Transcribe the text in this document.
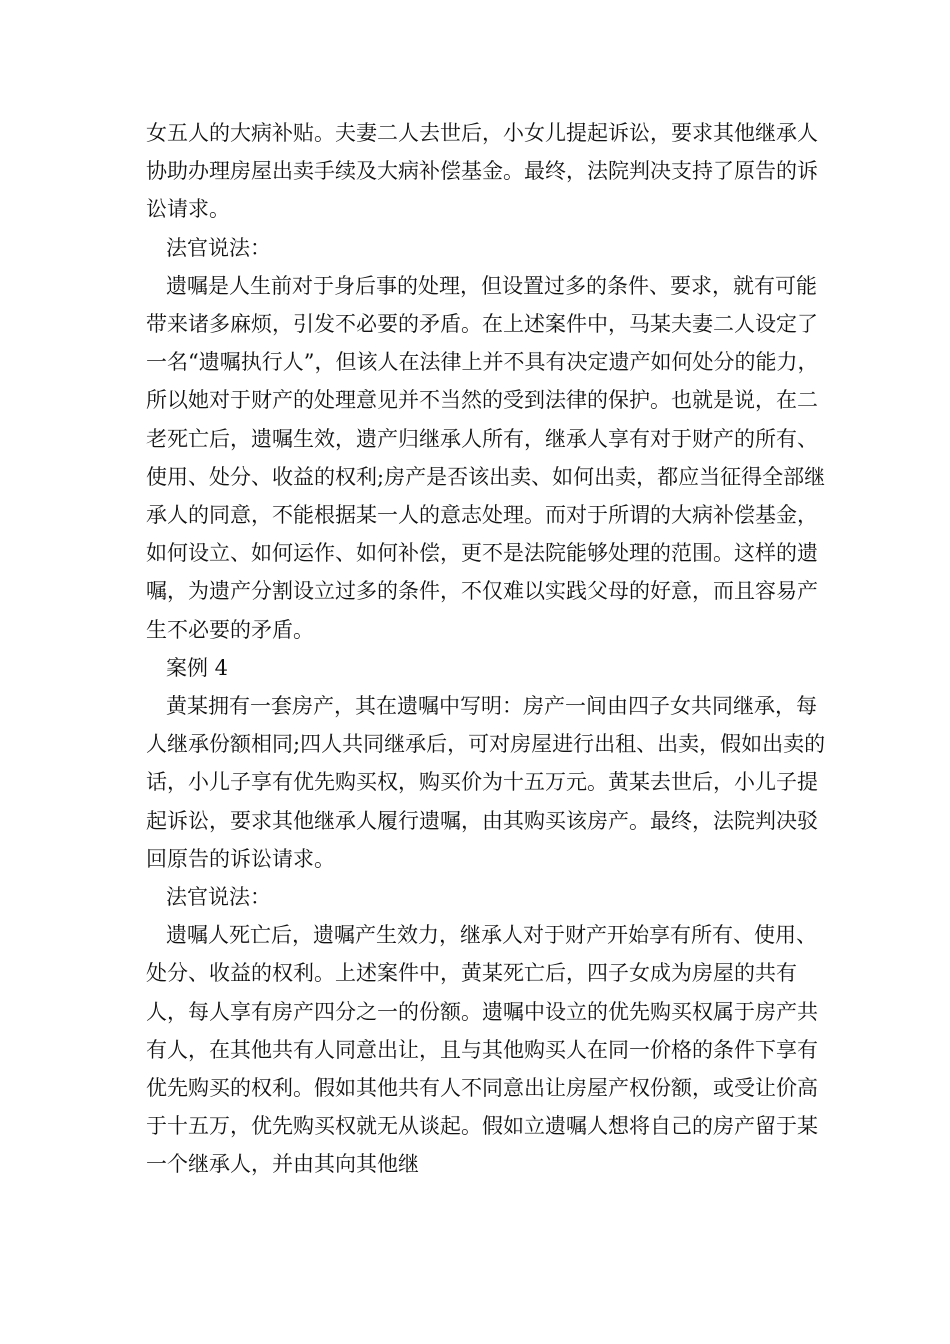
女五人的大病补贴。夫妻二人去世后，小女儿提起诉讼，要求其他继承人协助办理房屋出卖手续及大病补偿基金。最终，法院判决支持了原告的诉讼请求。

法官说法：

遗嘱是人生前对于身后事的处理，但设置过多的条件、要求，就有可能带来诸多麻烦，引发不必要的矛盾。在上述案件中，马某夫妻二人设定了一名“遗嘱执行人”，但该人在法律上并不具有决定遗产如何处分的能力，所以她对于财产的处理意见并不当然的受到法律的保护。也就是说，在二老死亡后，遗嘱生效，遗产归继承人所有，继承人享有对于财产的所有、使用、处分、收益的权利;房产是否该出卖、如何出卖，都应当征得全部继承人的同意，不能根据某一人的意志处理。而对于所谓的大病补偿基金，如何设立、如何运作、如何补偿，更不是法院能够处理的范围。这样的遗嘱，为遗产分割设立过多的条件，不仅难以实践父母的好意，而且容易产生不必要的矛盾。

案例 4

黄某拥有一套房产，其在遗嘱中写明：房产一间由四子女共同继承，每人继承份额相同;四人共同继承后，可对房屋进行出租、出卖，假如出卖的话，小儿子享有优先购买权，购买价为十五万元。黄某去世后，小儿子提起诉讼，要求其他继承人履行遗嘱，由其购买该房产。最终，法院判决驳回原告的诉讼请求。

法官说法：

遗嘱人死亡后，遗嘱产生效力，继承人对于财产开始享有所有、使用、处分、收益的权利。上述案件中，黄某死亡后，四子女成为房屋的共有人，每人享有房产四分之一的份额。遗嘱中设立的优先购买权属于房产共有人，在其他共有人同意出让，且与其他购买人在同一价格的条件下享有优先购买的权利。假如其他共有人不同意出让房屋产权份额，或受让价高于十五万，优先购买权就无从谈起。假如立遗嘱人想将自己的房产留于某一个继承人，并由其向其他继
